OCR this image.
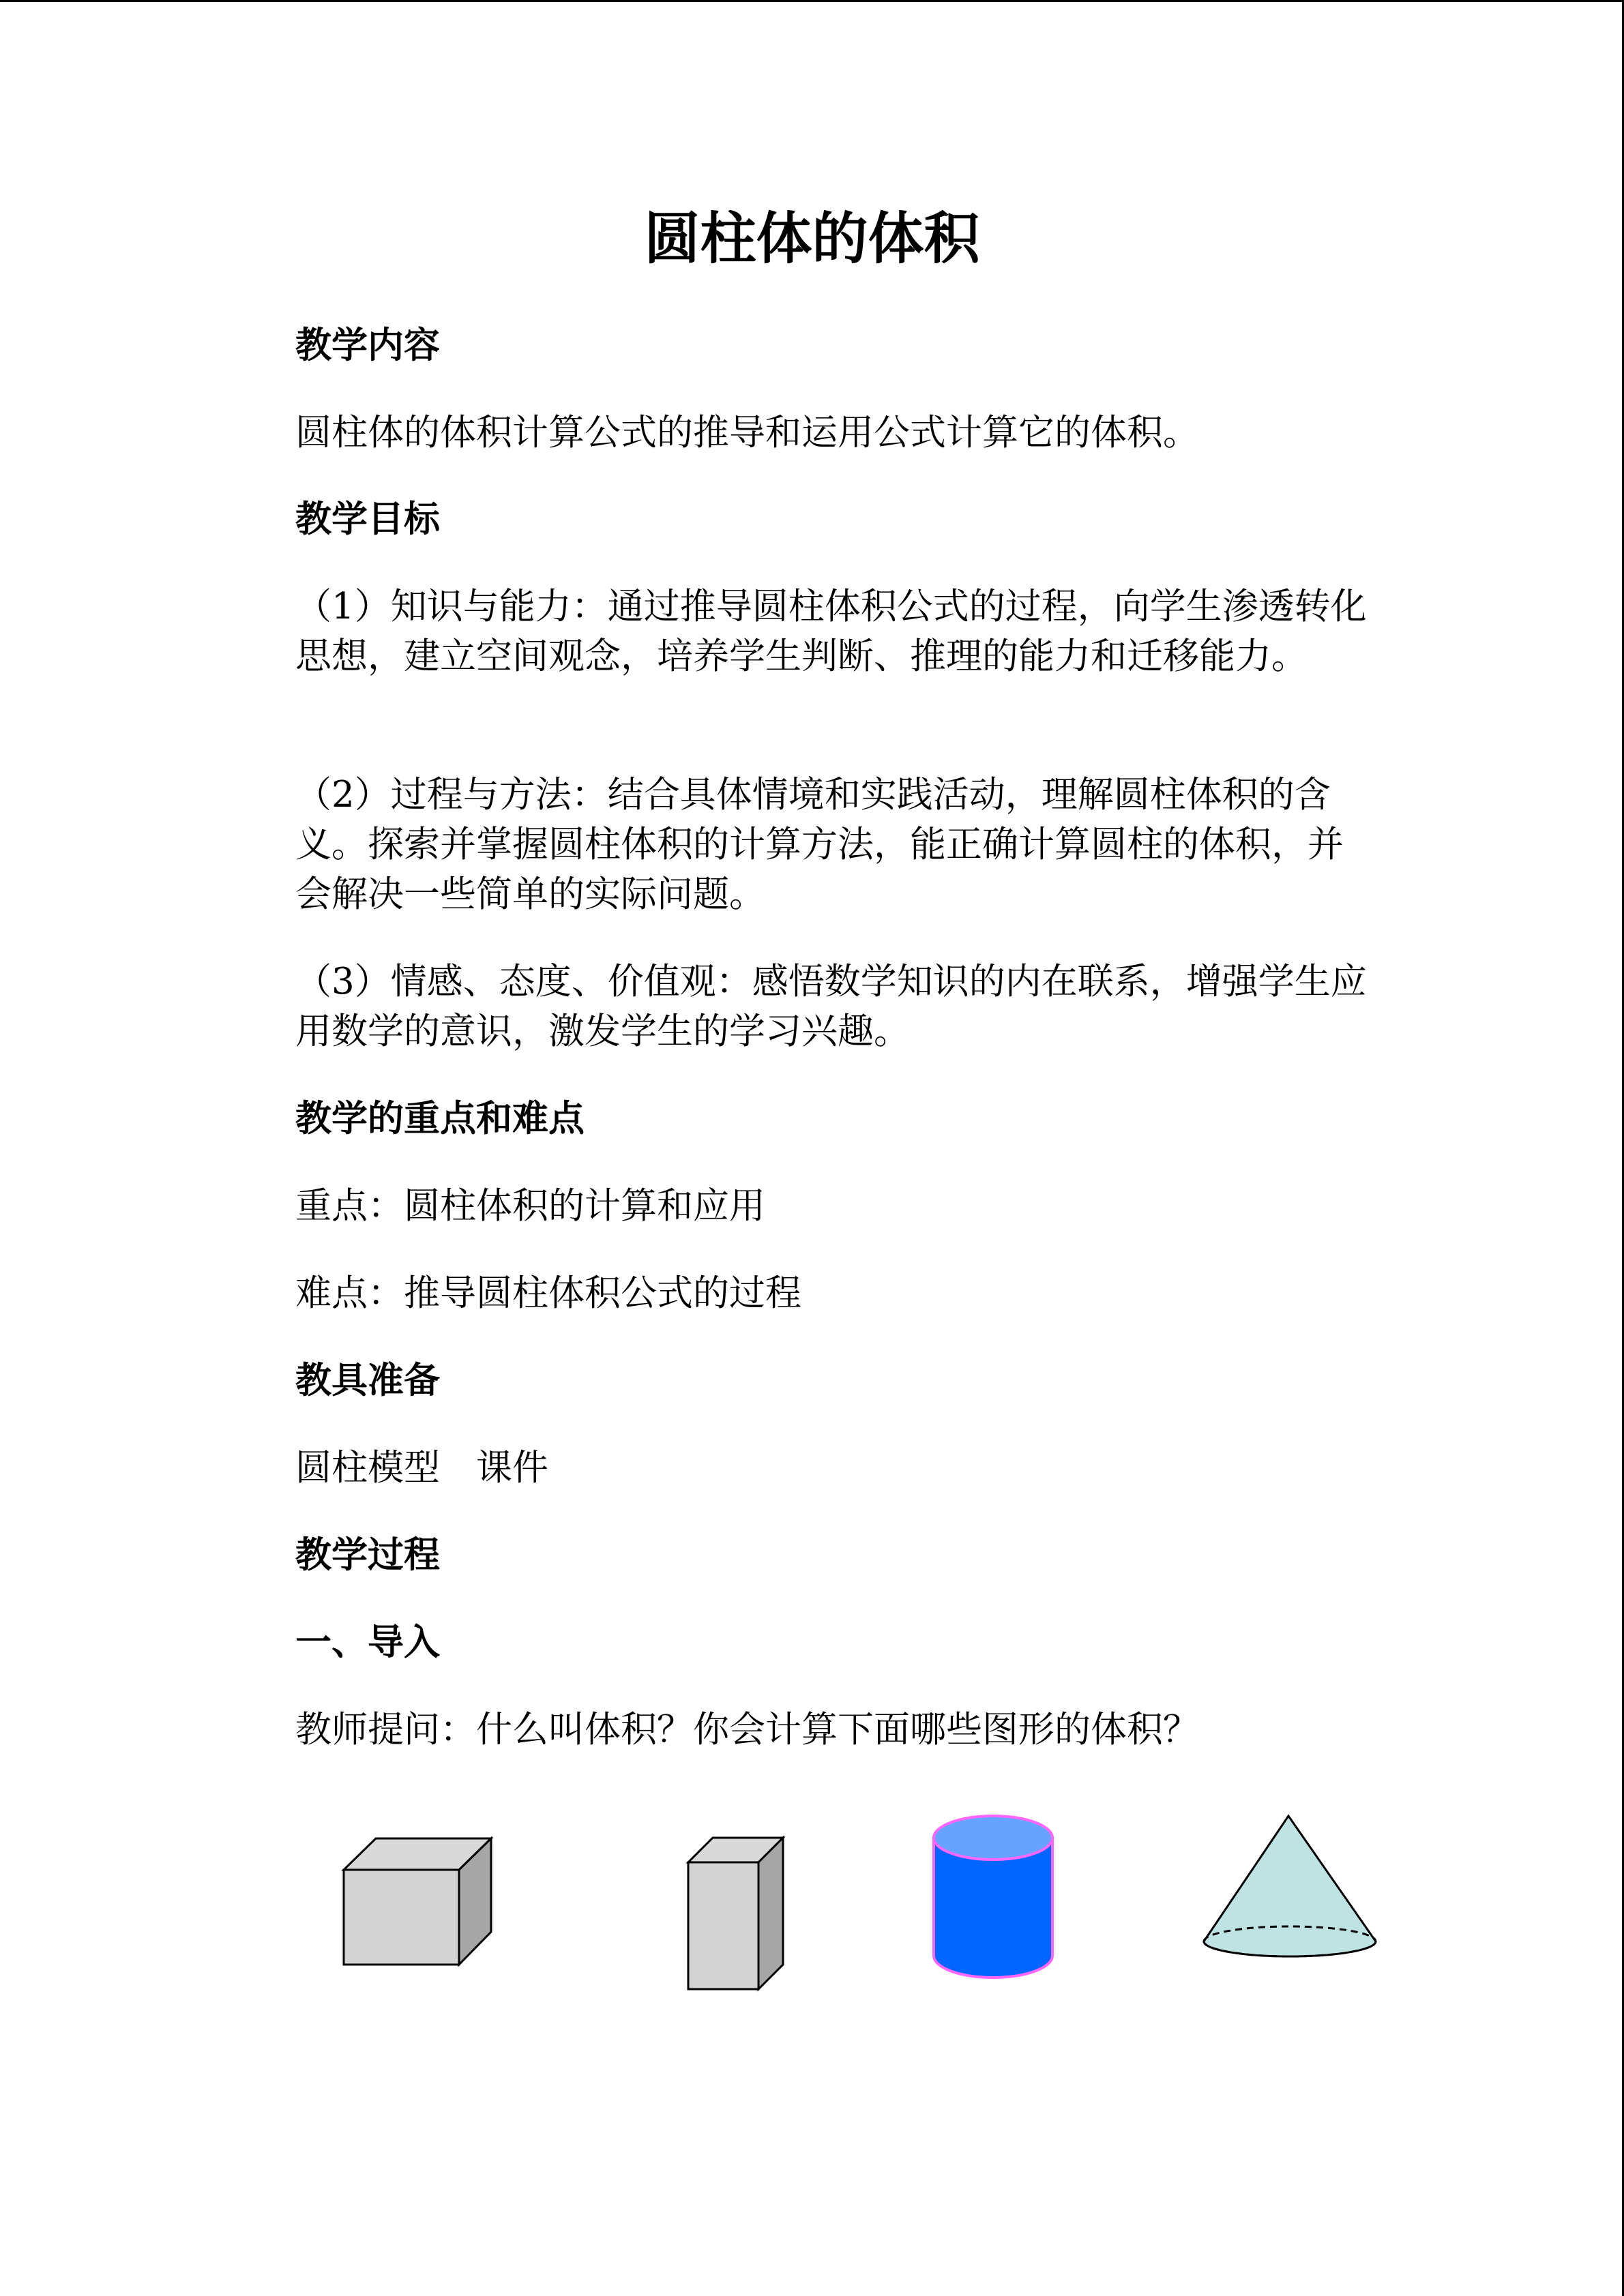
圆柱体的体积
教学内容
圆柱体的体积计算公式的推导和运用公式计算它的体积。
教学目标
（1）知识与能力：通过推导圆柱体积公式的过程，向学生渗透转化思想，建立空间观念，培养学生判断、推理的能力和迁移能力。
（2）过程与方法：结合具体情境和实践活动，理解圆柱体积的含义。探索并掌握圆柱体积的计算方法，能正确计算圆柱的体积，并会解决一些简单的实际问题。
（3）情感、态度、价值观：感悟数学知识的内在联系，增强学生应用数学的意识，激发学生的学习兴趣。
教学的重点和难点
重点：圆柱体积的计算和应用
难点：推导圆柱体积公式的过程
教具准备
圆柱模型　课件
教学过程
一、导入
教师提问：什么叫体积？你会计算下面哪些图形的体积？
